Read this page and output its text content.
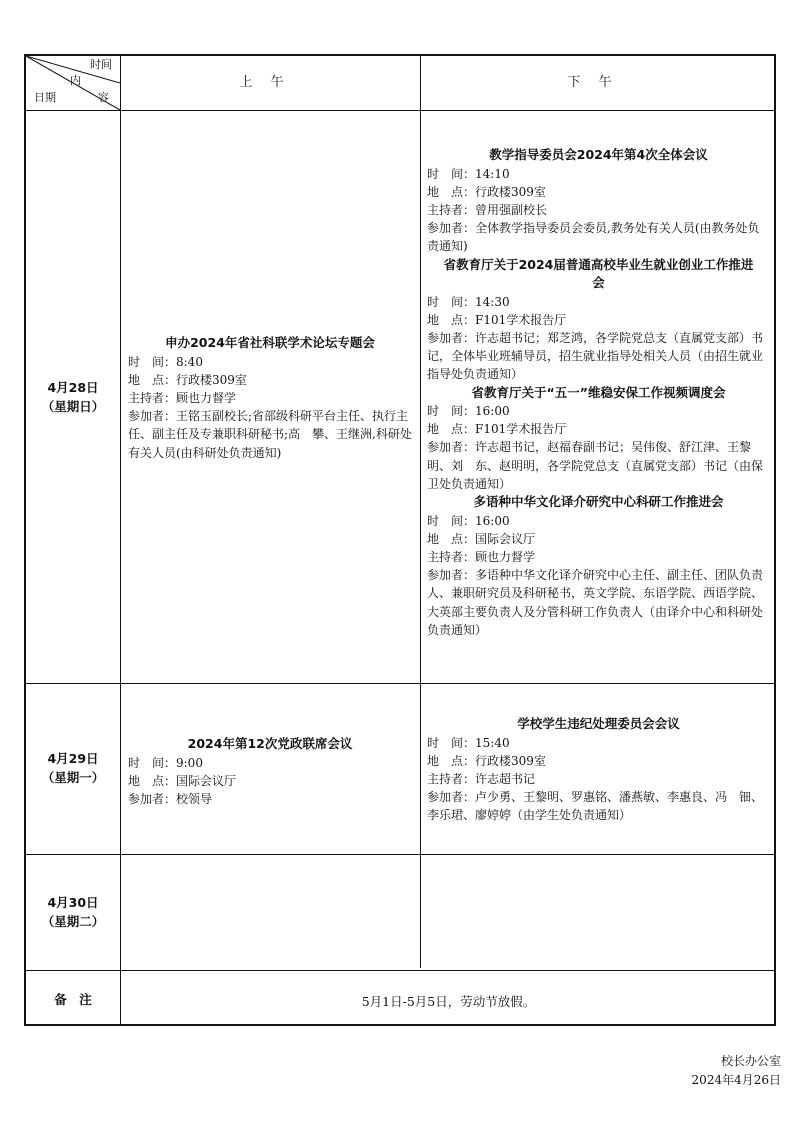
时间
内
容
日期
上午	下午
4月28日
（星期日）
申办2024年省社科联学术论坛专题会
时　间：8:40
地　点：行政楼309室
主持者：顾也力督学
参加者：王铭玉副校长;省部级科研平台主任、执行主任、副主任及专兼职科研秘书;高　攀、王继洲,科研处有关人员(由科研处负责通知)
教学指导委员会2024年第4次全体会议
时　间：14:10
地　点：行政楼309室
主持者：曾用强副校长
参加者：全体教学指导委员会委员,教务处有关人员(由教务处负责通知)
省教育厅关于2024届普通高校毕业生就业创业工作推进会
时　间：14:30
地　点：F101学术报告厅
参加者：许志超书记；郑芝鸿，各学院党总支（直属党支部）书记，全体毕业班辅导员，招生就业指导处相关人员（由招生就业指导处负责通知）
省教育厅关于“五一”维稳安保工作视频调度会
时　间：16:00
地　点：F101学术报告厅
参加者：许志超书记，赵福春副书记；吴伟俊、舒江津、王黎明、刘　东、赵明明，各学院党总支（直属党支部）书记（由保卫处负责通知）
多语种中华文化译介研究中心科研工作推进会
时　间：16:00
地　点：国际会议厅
主持者：顾也力督学
参加者：多语种中华文化译介研究中心主任、副主任、团队负责人、兼职研究员及科研秘书，英文学院、东语学院、西语学院、大英部主要负责人及分管科研工作负责人（由译介中心和科研处负责通知）
4月29日
（星期一）
2024年第12次党政联席会议
时　间：9:00
地　点：国际会议厅
参加者：校领导
学校学生违纪处理委员会会议
时　间：15:40
地　点：行政楼309室
主持者：许志超书记
参加者：卢少勇、王黎明、罗惠铭、潘燕敏、李惠良、冯　钿、李乐珺、廖婷婷（由学生处负责通知）
4月30日
（星期二）
备　注	5月1日-5月5日，劳动节放假。
校长办公室
2024年4月26日
